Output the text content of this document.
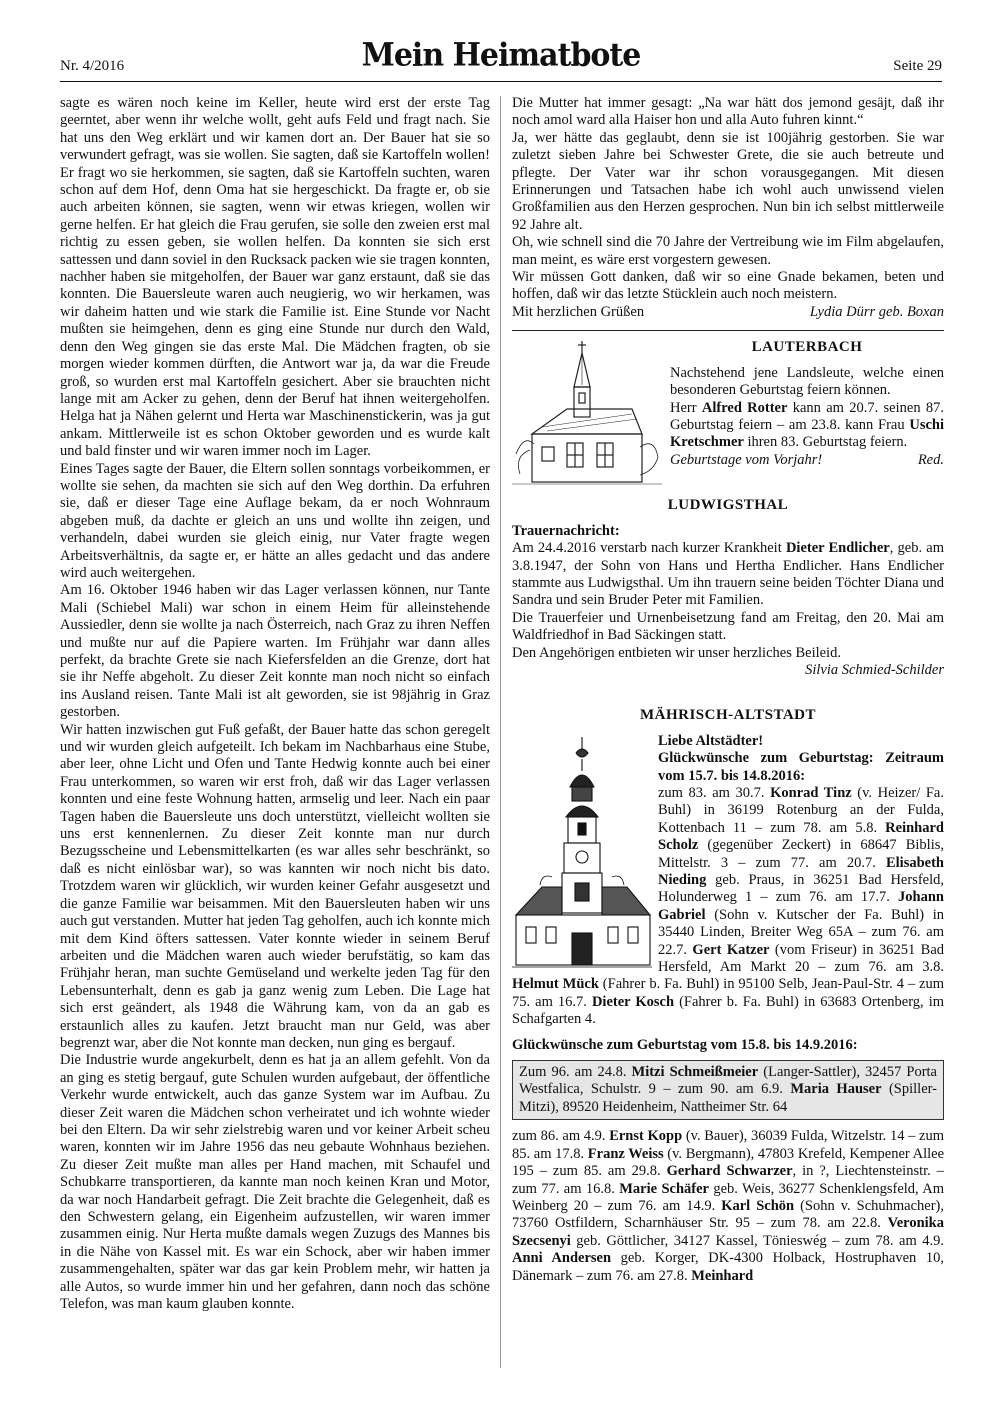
Nr. 4/2016	Mein Heimatbote	Seite 29

sagte es wären noch keine im Keller, heute wird erst der erste Tag geerntet, aber wenn ihr welche wollt, geht aufs Feld und fragt nach. Sie hat uns den Weg erklärt und wir kamen dort an. Der Bauer hat sie so verwundert gefragt, was sie wollen. Sie sagten, daß sie Kartoffeln wollen! Er fragt wo sie herkommen, sie sagten, daß sie Kartoffeln suchten, waren schon auf dem Hof, denn Oma hat sie hergeschickt. Da fragte er, ob sie auch arbeiten können, sie sagten, wenn wir etwas kriegen, wollen wir gerne helfen. Er hat gleich die Frau gerufen, sie solle den zweien erst mal richtig zu essen geben, sie wollen helfen. Da konnten sie sich erst sattessen und dann soviel in den Rucksack packen wie sie tragen konnten, nachher haben sie mitgeholfen, der Bauer war ganz erstaunt, daß sie das konnten. Die Bauersleute waren auch neugierig, wo wir herkamen, was wir daheim hatten und wie stark die Familie ist. Eine Stunde vor Nacht mußten sie heimgehen, denn es ging eine Stunde nur durch den Wald, denn den Weg gingen sie das erste Mal. Die Mädchen fragten, ob sie morgen wieder kommen dürften, die Antwort war ja, da war die Freude groß, so wurden erst mal Kartoffeln gesichert. Aber sie brauchten nicht lange mit am Acker zu gehen, denn der Beruf hat ihnen weitergeholfen. Helga hat ja Nähen gelernt und Herta war Maschinenstickerin, was ja gut ankam. Mittlerweile ist es schon Oktober geworden und es wurde kalt und bald finster und wir waren immer noch im Lager.

Eines Tages sagte der Bauer, die Eltern sollen sonntags vorbeikommen, er wollte sie sehen, da machten sie sich auf den Weg dorthin. Da erfuhren sie, daß er dieser Tage eine Auflage bekam, da er noch Wohnraum abgeben muß, da dachte er gleich an uns und wollte ihn zeigen, und verhandeln, dabei wurden sie gleich einig, nur Vater fragte wegen Arbeitsverhältnis, da sagte er, er hätte an alles gedacht und das andere wird auch weitergehen.

Am 16. Oktober 1946 haben wir das Lager verlassen können, nur Tante Mali (Schiebel Mali) war schon in einem Heim für alleinstehende Aussiedler, denn sie wollte ja nach Österreich, nach Graz zu ihren Neffen und mußte nur auf die Papiere warten. Im Frühjahr war dann alles perfekt, da brachte Grete sie nach Kiefersfelden an die Grenze, dort hat sie ihr Neffe abgeholt. Zu dieser Zeit konnte man noch nicht so einfach ins Ausland reisen. Tante Mali ist alt geworden, sie ist 98jährig in Graz gestorben.

Wir hatten inzwischen gut Fuß gefaßt, der Bauer hatte das schon geregelt und wir wurden gleich aufgeteilt. Ich bekam im Nachbarhaus eine Stube, aber leer, ohne Licht und Ofen und Tante Hedwig konnte auch bei einer Frau unterkommen, so waren wir erst froh, daß wir das Lager verlassen konnten und eine feste Wohnung hatten, armselig und leer. Nach ein paar Tagen haben die Bauersleute uns doch unterstützt, vielleicht wollten sie uns erst kennenlernen. Zu dieser Zeit konnte man nur durch Bezugsscheine und Lebensmittelkarten (es war alles sehr beschränkt, so daß es nicht einlösbar war), so was kannten wir noch nicht bis dato. Trotzdem waren wir glücklich, wir wurden keiner Gefahr ausgesetzt und die ganze Familie war beisammen. Mit den Bauersleuten haben wir uns auch gut verstanden. Mutter hat jeden Tag geholfen, auch ich konnte mich mit dem Kind öfters sattessen. Vater konnte wieder in seinem Beruf arbeiten und die Mädchen waren auch wieder berufstätig, so kam das Frühjahr heran, man suchte Gemüseland und werkelte jeden Tag für den Lebensunterhalt, denn es gab ja ganz wenig zum Leben. Die Lage hat sich erst geändert, als 1948 die Währung kam, von da an gab es erstaunlich alles zu kaufen. Jetzt braucht man nur Geld, was aber begrenzt war, aber die Not konnte man decken, nun ging es bergauf.

Die Industrie wurde angekurbelt, denn es hat ja an allem gefehlt. Von da an ging es stetig bergauf, gute Schulen wurden aufgebaut, der öffentliche Verkehr wurde entwickelt, auch das ganze System war im Aufbau. Zu dieser Zeit waren die Mädchen schon verheiratet und ich wohnte wieder bei den Eltern. Da wir sehr zielstrebig waren und vor keiner Arbeit scheu waren, konnten wir im Jahre 1956 das neu gebaute Wohnhaus beziehen. Zu dieser Zeit mußte man alles per Hand machen, mit Schaufel und Schubkarre transportieren, da kannte man noch keinen Kran und Motor, da war noch Handarbeit gefragt. Die Zeit brachte die Gelegenheit, daß es den Schwestern gelang, ein Eigenheim aufzustellen, wir waren immer zusammen einig. Nur Herta mußte damals wegen Zuzugs des Mannes bis in die Nähe von Kassel mit. Es war ein Schock, aber wir haben immer zusammengehalten, später war das gar kein Problem mehr, wir hatten ja alle Autos, so wurde immer hin und her gefahren, dann noch das schöne Telefon, was man kaum glauben konnte.

Die Mutter hat immer gesagt: „Na war hätt dos jemond gesäjt, daß ihr noch amol ward alla Haiser hon und alla Auto fuhren kinnt.“

Ja, wer hätte das geglaubt, denn sie ist 100jährig gestorben. Sie war zuletzt sieben Jahre bei Schwester Grete, die sie auch betreute und pflegte. Der Vater war ihr schon vorausgegangen. Mit diesen Erinnerungen und Tatsachen habe ich wohl auch unwissend vielen Großfamilien aus den Herzen gesprochen. Nun bin ich selbst mittlerweile 92 Jahre alt.

Oh, wie schnell sind die 70 Jahre der Vertreibung wie im Film abgelaufen, man meint, es wäre erst vorgestern gewesen.

Wir müssen Gott danken, daß wir so eine Gnade bekamen, beten und hoffen, daß wir das letzte Stücklein auch noch meistern.

Mit herzlichen Grüßen	Lydia Dürr geb. Boxan
LAUTERBACH

Nachstehend jene Landsleute, welche einen besonderen Geburtstag feiern können.

Herr Alfred Rotter kann am 20.7. seinen 87. Geburtstag feiern – am 23.8. kann Frau Uschi Kretschmer ihren 83. Geburtstag feiern.

Geburtstage vom Vorjahr!	Red.
LUDWIGSTHAL
Trauernachricht:

Am 24.4.2016 verstarb nach kurzer Krankheit Dieter Endlicher, geb. am 3.8.1947, der Sohn von Hans und Hertha Endlicher. Hans Endlicher stammte aus Ludwigsthal. Um ihn trauern seine beiden Töchter Diana und Sandra und sein Bruder Peter mit Familien.

Die Trauerfeier und Urnenbeisetzung fand am Freitag, den 20. Mai am Waldfriedhof in Bad Säckingen statt.

Den Angehörigen entbieten wir unser herzliches Beileid.

Silvia Schmied-Schilder

MÄHRISCH-ALTSTADT
Liebe Altstädter!
Glückwünsche zum Geburtstag: Zeitraum vom 15.7. bis 14.8.2016:

zum 83. am 30.7. Konrad Tinz (v. Heizer/ Fa. Buhl) in 36199 Rotenburg an der Fulda, Kottenbach 11 – zum 78. am 5.8. Reinhard Scholz (gegenüber Zeckert) in 68647 Biblis, Mittelstr. 3 – zum 77. am 20.7. Elisabeth Nieding geb. Praus, in 36251 Bad Hersfeld, Holunderweg 1 – zum 76. am 17.7. Johann Gabriel (Sohn v. Kutscher der Fa. Buhl) in 35440 Linden, Breiter Weg 65A – zum 76. am 22.7. Gert Katzer (vom Friseur) in 36251 Bad Hersfeld, Am Markt 20 – zum 76. am 3.8. Helmut Mück (Fahrer b. Fa. Buhl) in 95100 Selb, Jean-Paul-Str. 4 – zum 75. am 16.7. Dieter Kosch (Fahrer b. Fa. Buhl) in 63683 Ortenberg, im Schafgarten 4.

Glückwünsche zum Geburtstag vom 15.8. bis 14.9.2016:
Zum 96. am 24.8. Mitzi Schmeißmeier (Langer-Sattler), 32457 Porta Westfalica, Schulstr. 9 – zum 90. am 6.9. Maria Hauser (Spiller-Mitzi), 89520 Heidenheim, Nattheimer Str. 64

zum 86. am 4.9. Ernst Kopp (v. Bauer), 36039 Fulda, Witzelstr. 14 – zum 85. am 17.8. Franz Weiss (v. Bergmann), 47803 Krefeld, Kempener Allee 195 – zum 85. am 29.8. Gerhard Schwarzer, in ?, Liechtensteinstr. – zum 77. am 16.8. Marie Schäfer geb. Weis, 36277 Schenklengsfeld, Am Weinberg 20 – zum 76. am 14.9. Karl Schön (Sohn v. Schuhmacher), 73760 Ostfildern, Scharnhäuser Str. 95 – zum 78. am 22.8. Veronika Szecsenyi geb. Göttlicher, 34127 Kassel, Tönieswég – zum 78. am 4.9. Anni Andersen geb. Korger, DK-4300 Holback, Hostruphaven 10, Dänemark – zum 76. am 27.8. Meinhard
